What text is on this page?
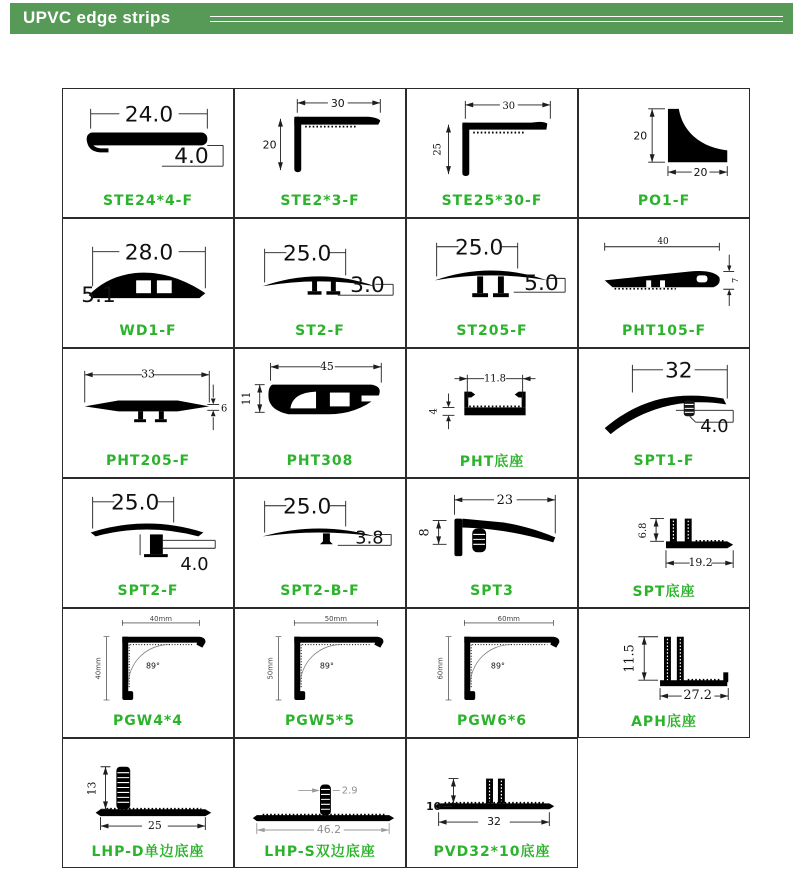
UPVC edge strips
24.0
4.0
STE24*4-F
30
20
STE2*3-F
30
25
STE25*30-F
20
20
PO1-F
28.0
5.1
WD1-F
25.0
3.0
ST2-F
25.0
5.0
ST205-F
40
7
PHT105-F
33
6
PHT205-F
45
11
PHT308
11.8
4
PHT底座
32
4.0
SPT1-F
25.0
4.0
SPT2-F
25.0
3.8
SPT2-B-F
23
8
SPT3
6.8
19.2
SPT底座
89°
40mm
40mm
PGW4*4
89°
50mm
50mm
PGW5*5
89°
60mm
60mm
PGW6*6
11.5
27.2
APH底座
13
25
LHP-D单边底座
2.9
46.2
LHP-S双边底座
10
32
PVD32*10底座
